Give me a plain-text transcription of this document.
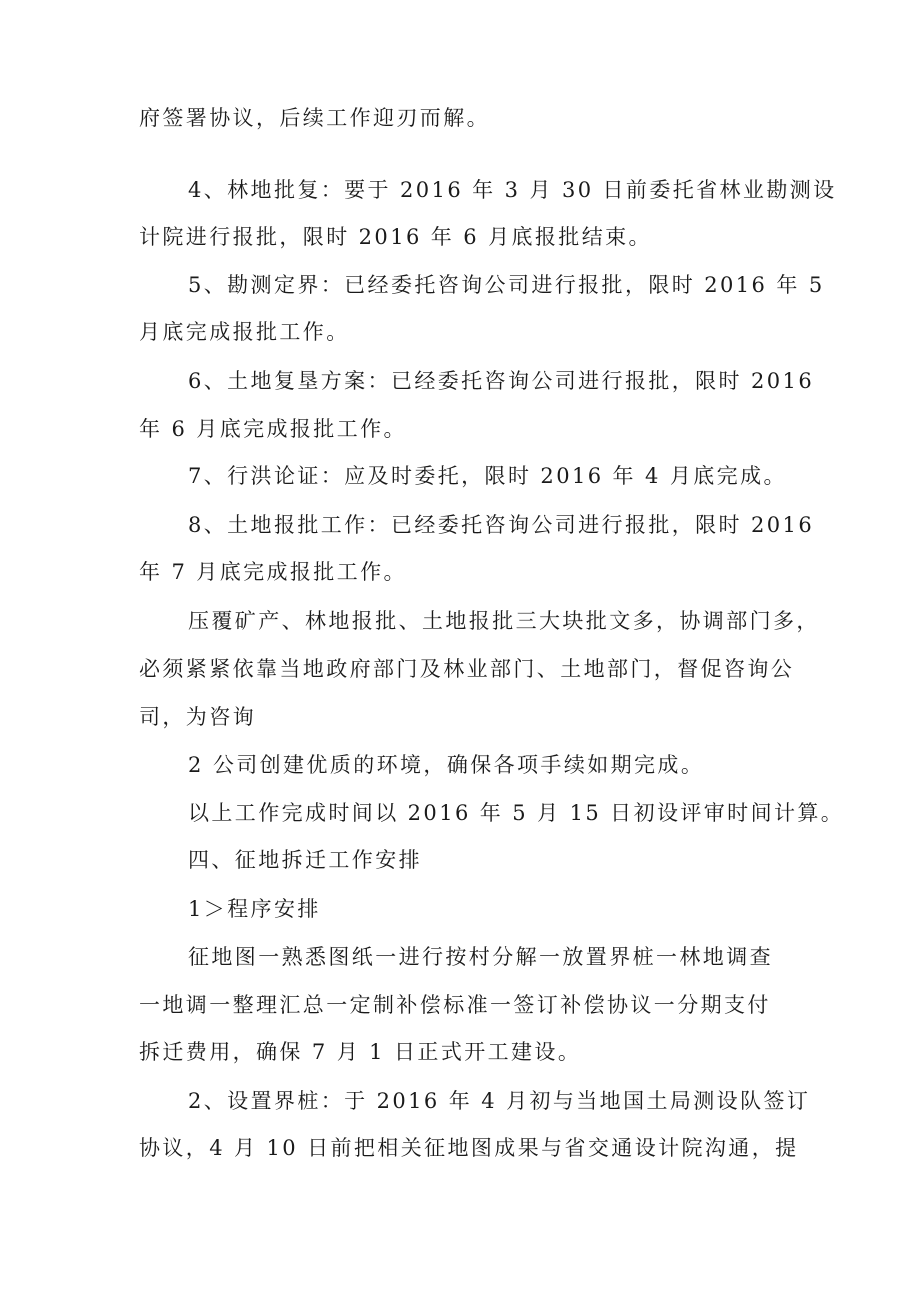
府签署协议，后续工作迎刃而解。
4、林地批复：要于 2016 年 3 月 30 日前委托省林业勘测设
计院进行报批，限时 2016 年 6 月底报批结束。
5、勘测定界：已经委托咨询公司进行报批，限时 2016 年 5
月底完成报批工作。
6、土地复垦方案：已经委托咨询公司进行报批，限时 2016
年 6 月底完成报批工作。
7、行洪论证：应及时委托，限时 2016 年 4 月底完成。
8、土地报批工作：已经委托咨询公司进行报批，限时 2016
年 7 月底完成报批工作。
压覆矿产、林地报批、土地报批三大块批文多，协调部门多，
必须紧紧依靠当地政府部门及林业部门、土地部门，督促咨询公
司，为咨询
2 公司创建优质的环境，确保各项手续如期完成。
以上工作完成时间以 2016 年 5 月 15 日初设评审时间计算。
四、征地拆迁工作安排
1＞程序安排
征地图一熟悉图纸一进行按村分解一放置界桩一林地调查
一地调一整理汇总一定制补偿标准一签订补偿协议一分期支付
拆迁费用，确保 7 月 1 日正式开工建设。
2、设置界桩：于 2016 年 4 月初与当地国土局测设队签订
协议，4 月 10 日前把相关征地图成果与省交通设计院沟通，提
